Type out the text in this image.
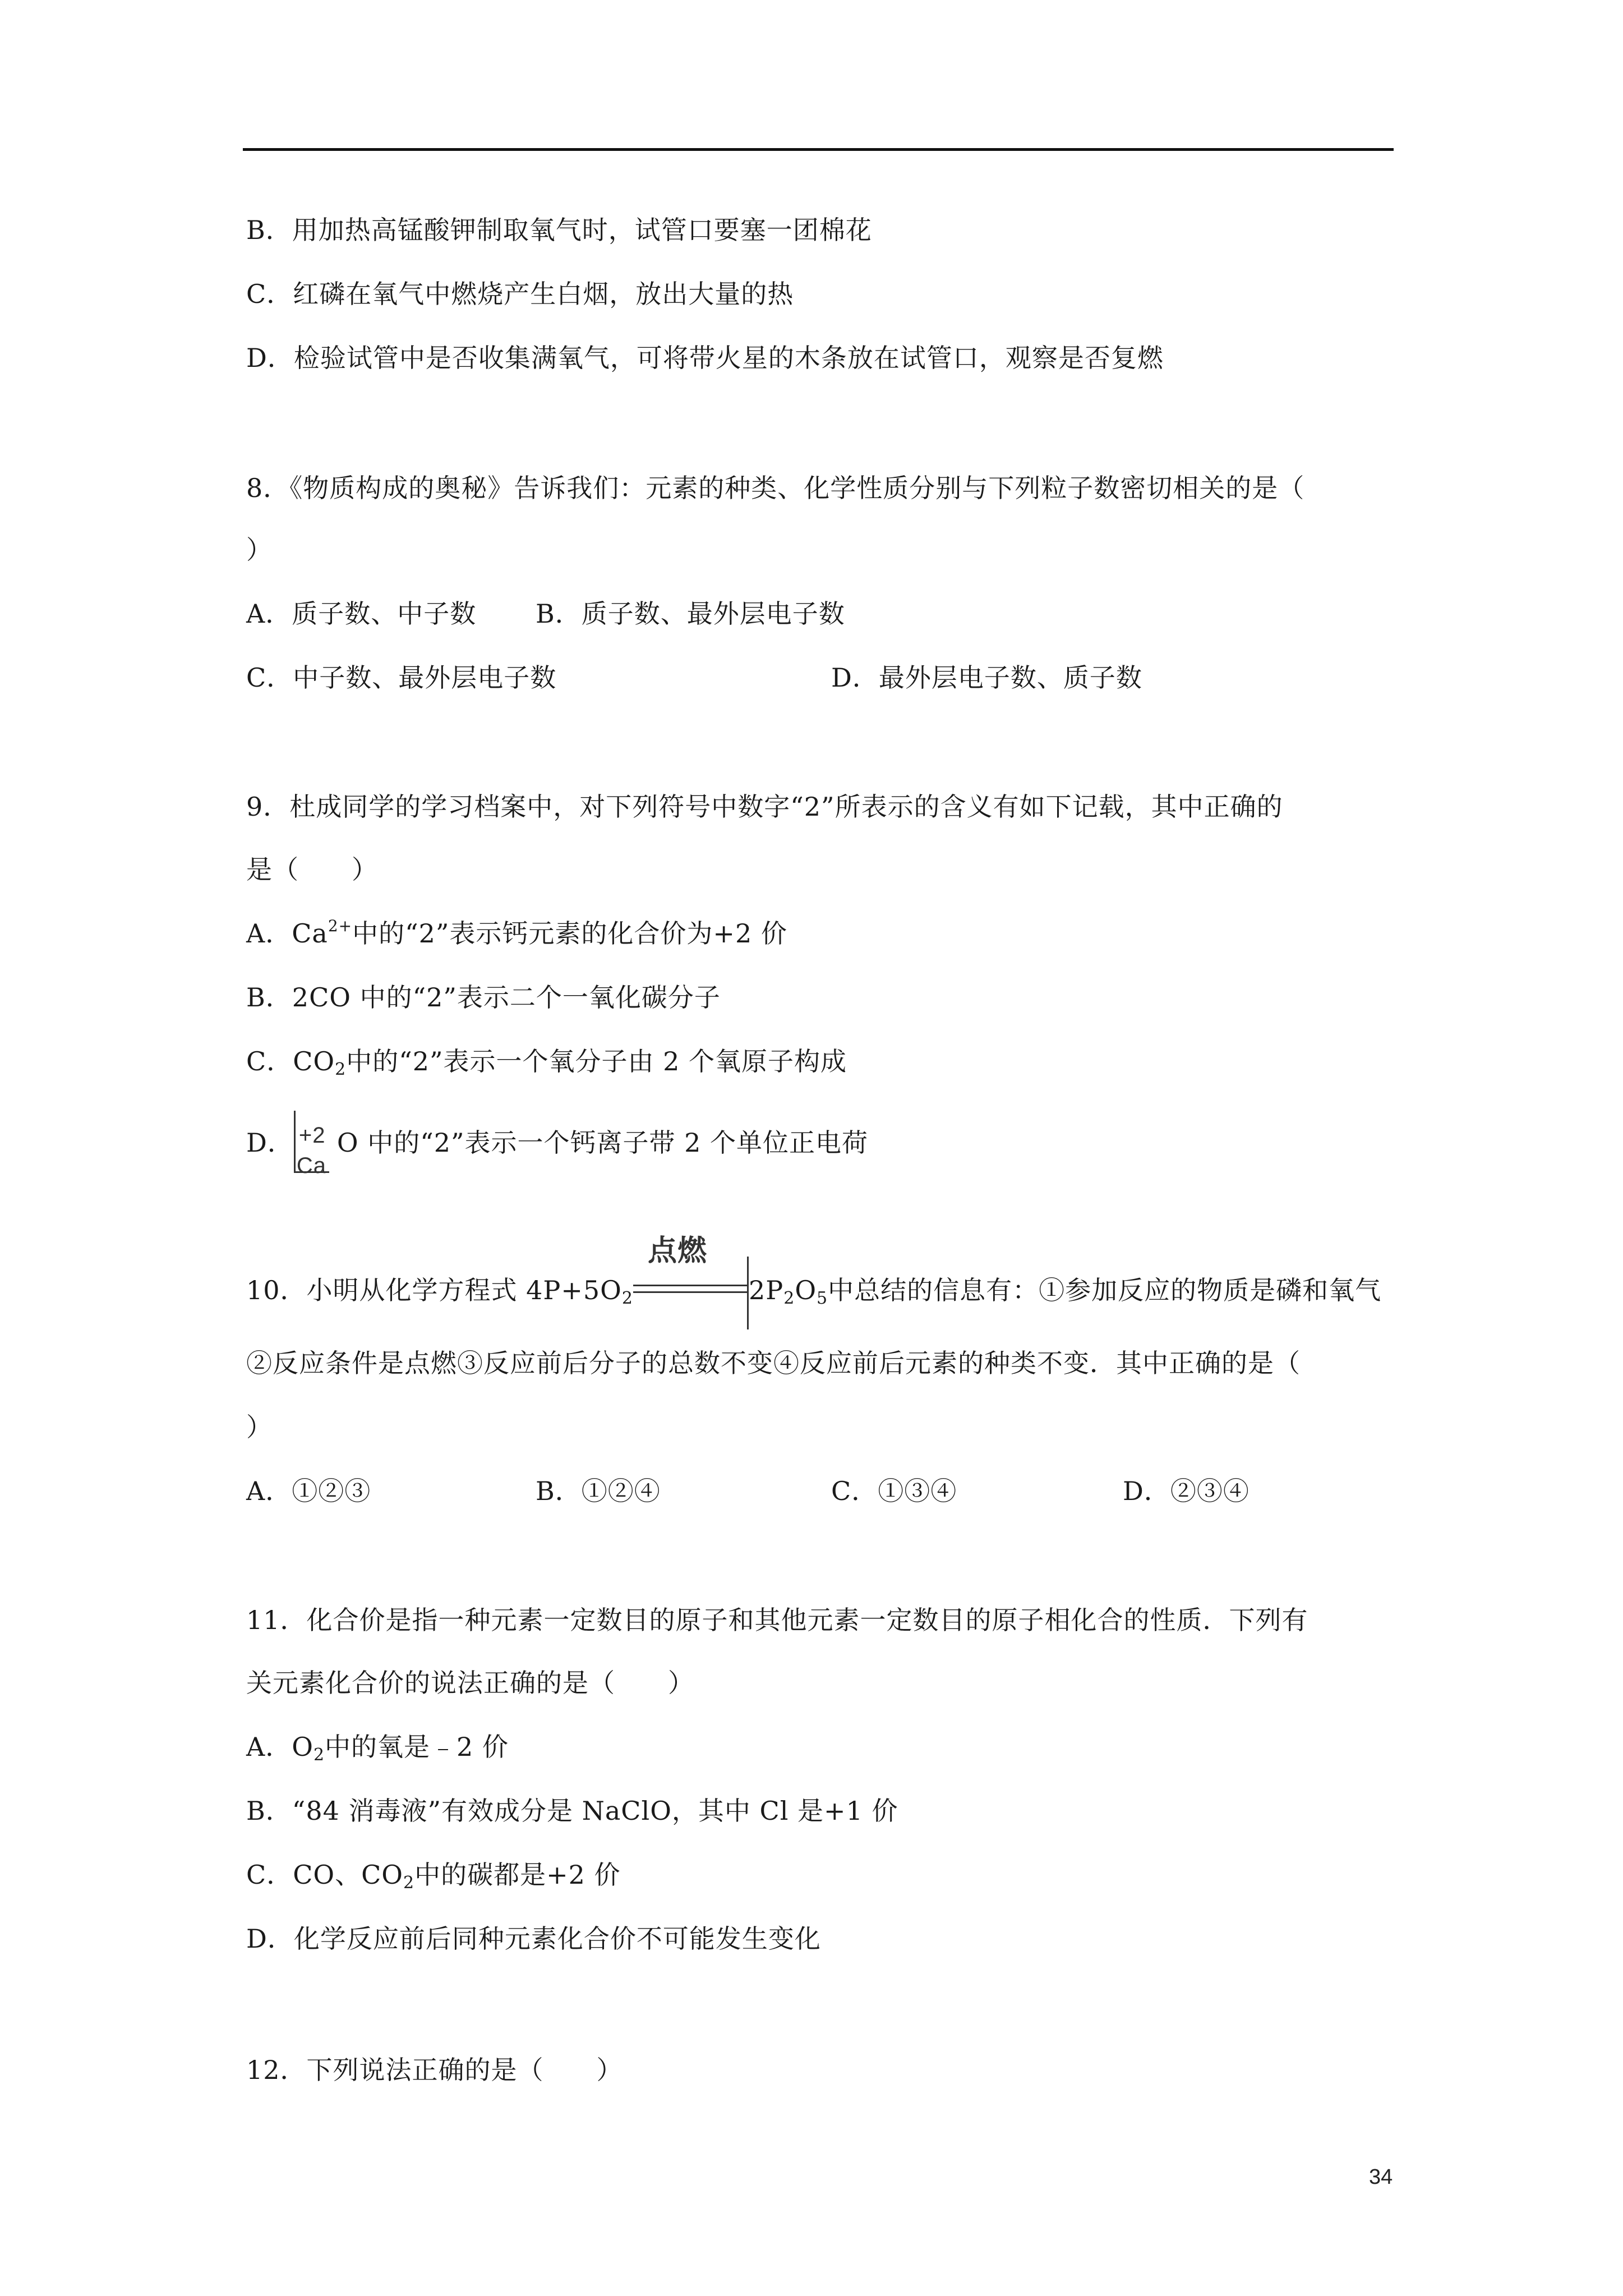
B．用加热高锰酸钾制取氧气时，试管口要塞一团棉花
C．红磷在氧气中燃烧产生白烟，放出大量的热
D．检验试管中是否收集满氧气，可将带火星的木条放在试管口，观察是否复燃
8．《物质构成的奥秘》告诉我们：元素的种类、化学性质分别与下列粒子数密切相关的是（
）
A．质子数、中子数 B．质子数、最外层电子数
C．中子数、最外层电子数	D．最外层电子数、质子数
9．杜成同学的学习档案中，对下列符号中数字“2”所表示的含义有如下记载，其中正确的
是（　　）
A．$Ca^{2+}$中的“2”表示钙元素的化合价为+2 价
B．2CO 中的“2”表示二个一氧化碳分子
C．$CO_2$中的“2”表示一个氧分子由 2 个氧原子构成
D． +2
Ca
O 中的“2”表示一个钙离子带 2 个单位正电荷
10．小明从化学方程式 $4P+5O_2$
点燃
$2P_2O_5$中总结的信息有：①参加反应的物质是磷和氧气
②反应条件是点燃③反应前后分子的总数不变④反应前后元素的种类不变．其中正确的是（
）
A．①②③	B．①②④	C．①③④	D．②③④
11．化合价是指一种元素一定数目的原子和其他元素一定数目的原子相化合的性质．下列有
关元素化合价的说法正确的是（　　）
A．$O_2$中的氧是﹣2 价
B．“84 消毒液”有效成分是 NaClO，其中 Cl 是+1 价
C．CO、$CO_2$中的碳都是+2 价
D．化学反应前后同种元素化合价不可能发生变化
12．下列说法正确的是（　　）
34
